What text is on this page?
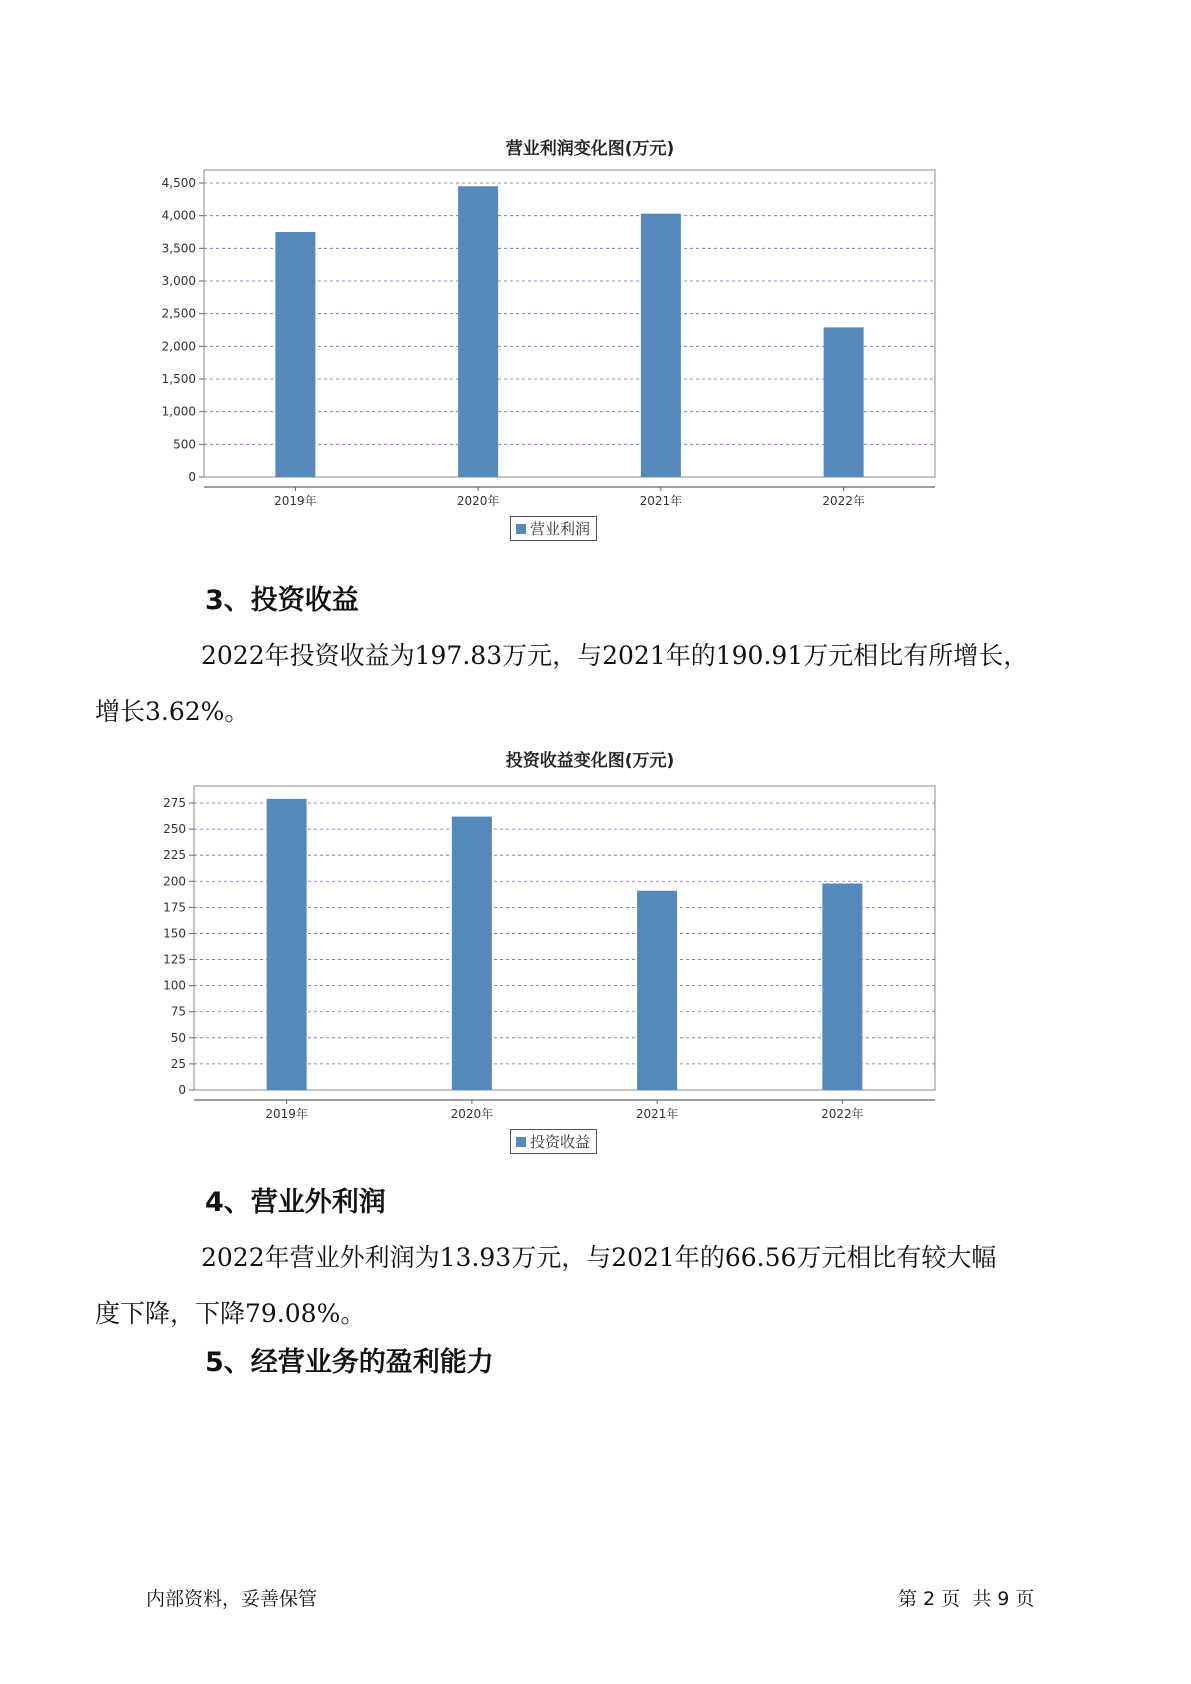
营业利润变化图(万元)
0
500
1,000
1,500
2,000
2,500
3,000
3,500
4,000
4,500
2019年	2020年	2021年	2022年
营业利润
3、投资收益
2022年投资收益为197.83万元，与2021年的190.91万元相比有所增长，
增长3.62%。
投资收益变化图(万元)
0
25
50
75
100
125
150
175
200
225
250
275
2019年	2020年	2021年	2022年
投资收益
4、营业外利润
2022年营业外利润为13.93万元，与2021年的66.56万元相比有较大幅
度下降，下降79.08%。
5、经营业务的盈利能力
内部资料，妥善保管	第 2 页  共 9 页
